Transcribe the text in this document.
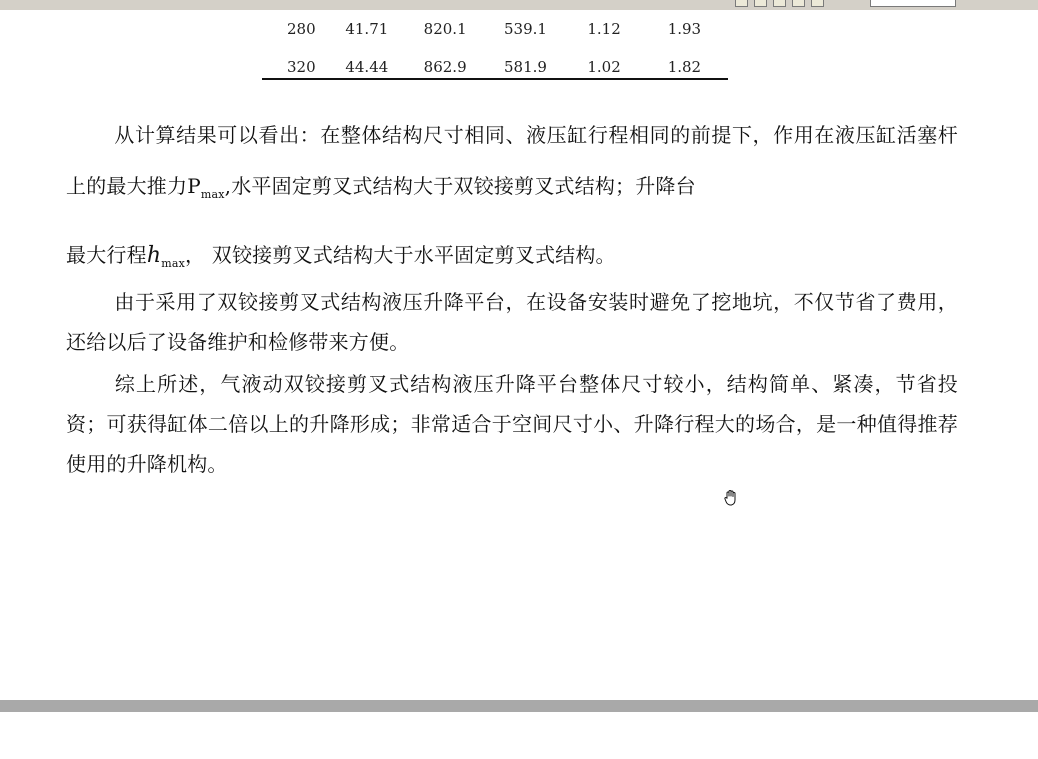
280	41.71	820.1	539.1	1.12	1.93
320	44.44	862.9	581.9	1.02	1.82

从计算结果可以看出：在整体结构尺寸相同、液压缸行程相同的前提下，作用在液压缸活塞杆上的最大推力$P_{max}$,水平固定剪叉式结构大于双铰接剪叉式结构；升降台
最大行程$h_{max}$， 双铰接剪叉式结构大于水平固定剪叉式结构。

由于采用了双铰接剪叉式结构液压升降平台，在设备安装时避免了挖地坑，不仅节省了费用，还给以后了设备维护和检修带来方便。

综上所述，气液动双铰接剪叉式结构液压升降平台整体尺寸较小，结构简单、紧凑，节省投资；可获得缸体二倍以上的升降形成；非常适合于空间尺寸小、升降行程大的场合，是一种值得推荐使用的升降机构。
